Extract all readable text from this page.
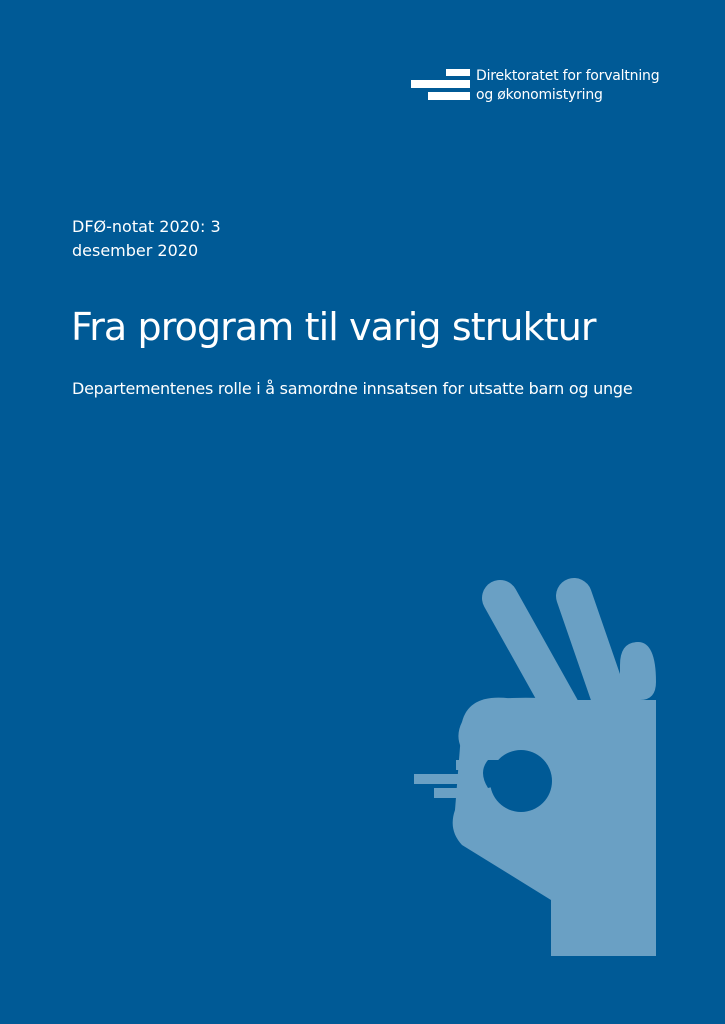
Direktoratet for forvaltning
og økonomistyring
DFØ-notat 2020: 3
desember 2020
Fra program til varig struktur

Departementenes rolle i å samordne innsatsen for utsatte barn og unge
